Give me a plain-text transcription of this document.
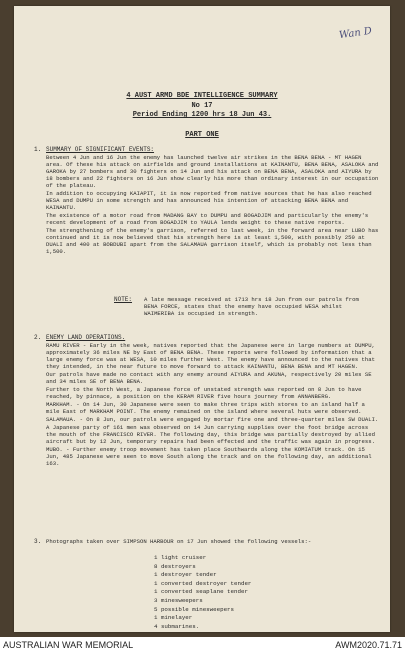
Wan D
4 AUST ARMD BDE INTELLIGENCE SUMMARY
No 17
Period Ending 1200 hrs 18 Jun 43.
PART ONE
1. SUMMARY OF SIGNIFICANT EVENTS:

Between 4 Jun and 16 Jun the enemy has launched twelve air strikes in the BENA BENA - MT HAGEN area. Of these his attack on airfields and ground installations at KAINANTU, BENA BENA, ASALOKA and GAROKA by 27 bombers and 30 fighters on 14 Jun and his attack on BENA BENA, ASALOKA and AIYURA by 18 bombers and 22 fighters on 16 Jun show clearly his more than ordinary interest in our occupation of the plateau.

In addition to occupying KAIAPIT, it is now reported from native sources that he has also reached WESA and DUMPU in some strength and has announced his intention of attacking BENA BENA and KAINANTU.

The existence of a motor road from MADANG BAY to DUMPU and BOGADJIM and particularly the enemy's recent development of a road from BOGADJIM to YAULA lends weight to these native reports.

The strengthening of the enemy's garrison, referred to last week, in the forward area near LUBO has continued and it is now believed that his strength here is at least 1,500, with possibly 250 at DUALI and 400 at BOBDUBI apart from the SALAMAUA garrison itself, which is probably not less than 1,500.

NOTE: A late message received at 1713 hrs 18 Jun from our patrols from BENA FORCE, states that the enemy have occupied WESA whilst WAIMERIBA is occupied in strength.
2. ENEMY LAND OPERATIONS.

RAMU RIVER - Early in the week, natives reported that the Japanese were in large numbers at DUMPU, approximately 36 miles NE by East of BENA BENA. These reports were followed by information that a large enemy force was at WESA, 10 miles further West. The enemy have announced to the natives that they intended, in the near future to move forward to attack KAINANTU, BENA BENA and MT HAGEN.

Our patrols have made no contact with any enemy around AIYURA and AKUNA, respectively 20 miles SE and 34 miles SE of BENA BENA.

Further to the North West, a Japanese force of unstated strength was reported on 8 Jun to have reached, by pinnace, a position on the KERAM RIVER five hours journey from ANNANBERG.

MARKHAM. - On 14 Jun, 30 Japanese were seen to make three trips with stores to an island half a mile East of MARKHAM POINT. The enemy remained on the island where several huts were observed.

SALAMAUA. - On 8 Jun, our patrols were engaged by mortar fire one and three-quarter miles SW DUALI.

A Japanese party of 161 men was observed on 14 Jun carrying supplies over the foot bridge across the mouth of the FRANCISCO RIVER. The following day, this bridge was partially destroyed by allied aircraft but by 12 Jun, temporary repairs had been effected and the traffic was again in progress.

MUBO. - Further enemy troop movement has taken place Southwards along the KOMIATUM track. On 15 Jun, 485 Japanese were seen to move South along the track and on the following day, an additional 163.

3. Photographs taken over SIMPSON HARBOUR on 17 Jun showed the following vessels:-
1 light cruiser
8 destroyers
1 destroyer tender
1 converted destroyer tender
1 converted seaplane tender
3 minesweepers
5 possible minesweepers
1 minelayer
4 submarines.
AUSTRALIAN WAR MEMORIAL	AWM2020.71.71
